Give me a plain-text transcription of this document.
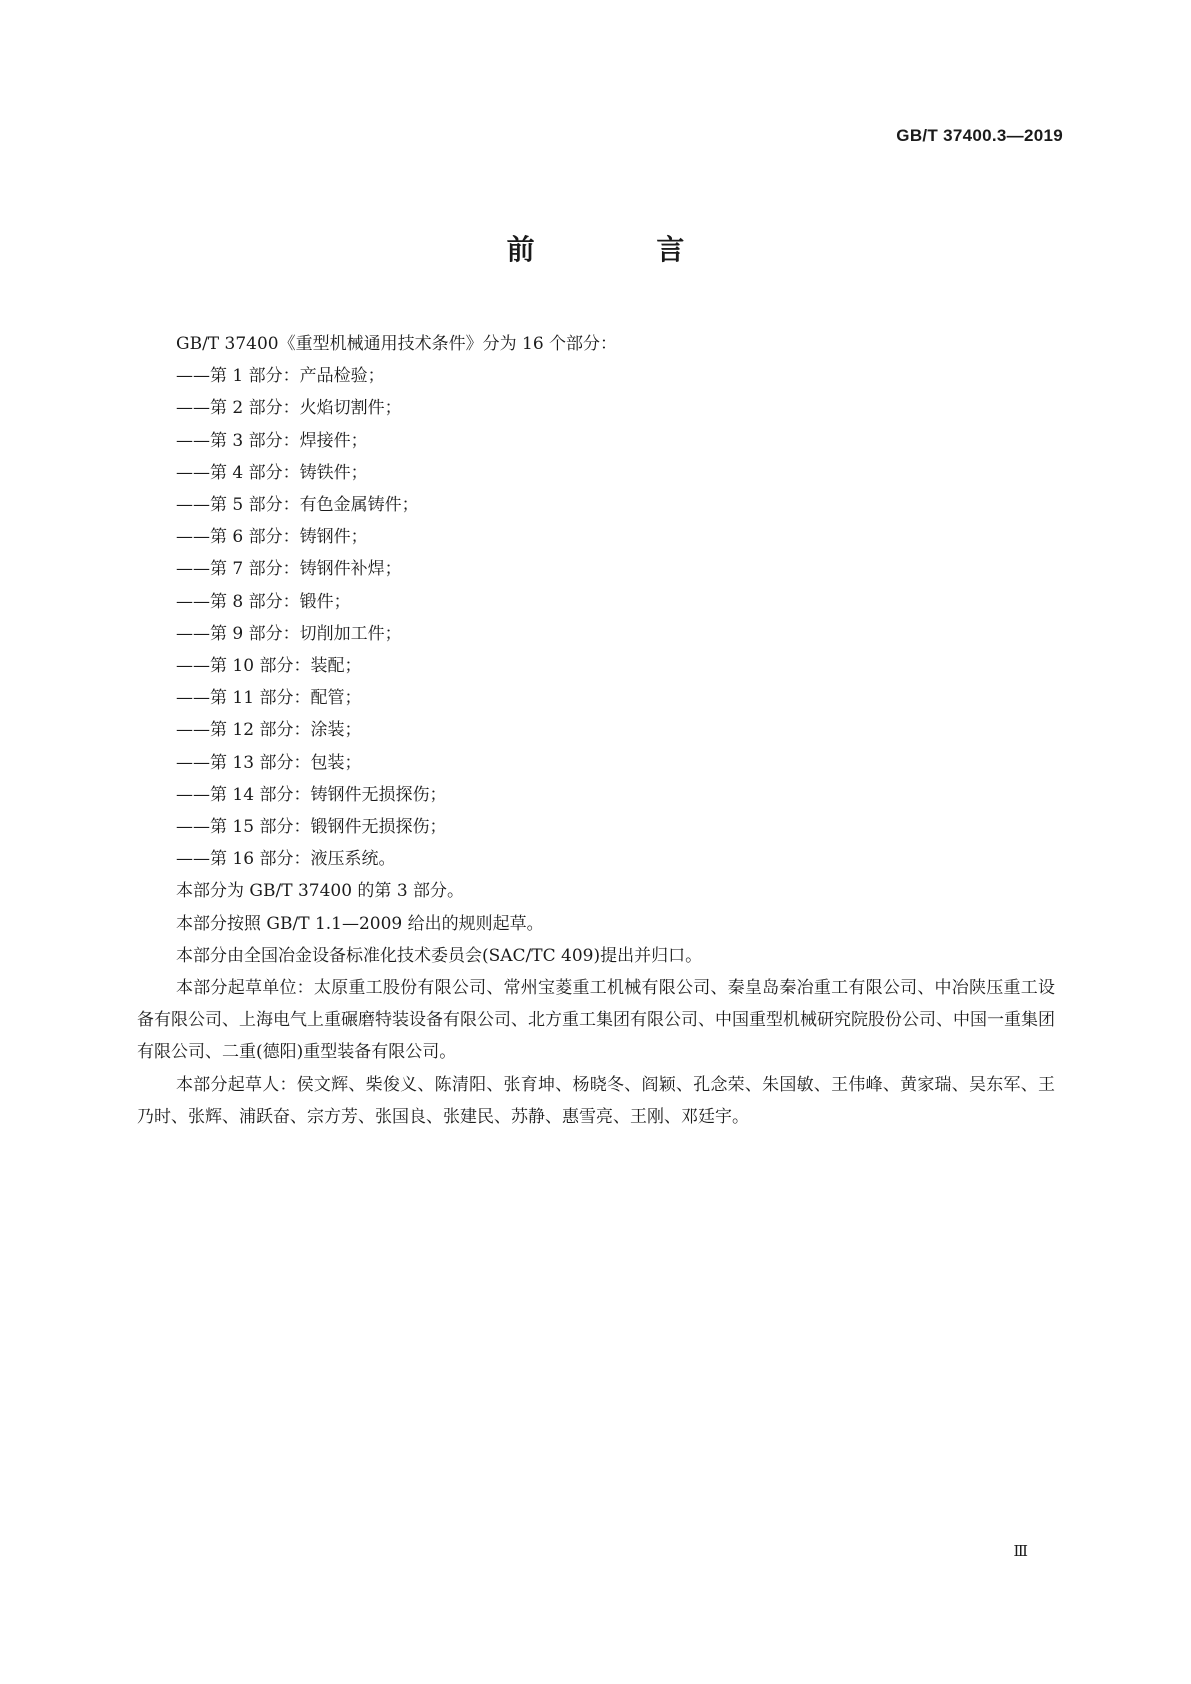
GB/T 37400.3—2019
前 言

GB/T 37400《重型机械通用技术条件》分为 16 个部分：

——第 1 部分：产品检验；

——第 2 部分：火焰切割件；

——第 3 部分：焊接件；

——第 4 部分：铸铁件；

——第 5 部分：有色金属铸件；

——第 6 部分：铸钢件；

——第 7 部分：铸钢件补焊；

——第 8 部分：锻件；

——第 9 部分：切削加工件；

——第 10 部分：装配；

——第 11 部分：配管；

——第 12 部分：涂装；

——第 13 部分：包装；

——第 14 部分：铸钢件无损探伤；

——第 15 部分：锻钢件无损探伤；

——第 16 部分：液压系统。

本部分为 GB/T 37400 的第 3 部分。

本部分按照 GB/T 1.1—2009 给出的规则起草。

本部分由全国冶金设备标准化技术委员会(SAC/TC 409)提出并归口。

本部分起草单位：太原重工股份有限公司、常州宝菱重工机械有限公司、秦皇岛秦冶重工有限公司、中冶陕压重工设备有限公司、上海电气上重碾磨特装设备有限公司、北方重工集团有限公司、中国重型机械研究院股份公司、中国一重集团有限公司、二重(德阳)重型装备有限公司。

本部分起草人：侯文辉、柴俊义、陈清阳、张育坤、杨晓冬、阎颖、孔念荣、朱国敏、王伟峰、黄家瑞、吴东军、王乃时、张辉、浦跃奋、宗方芳、张国良、张建民、苏静、惠雪亮、王刚、邓廷宇。

Ⅲ
